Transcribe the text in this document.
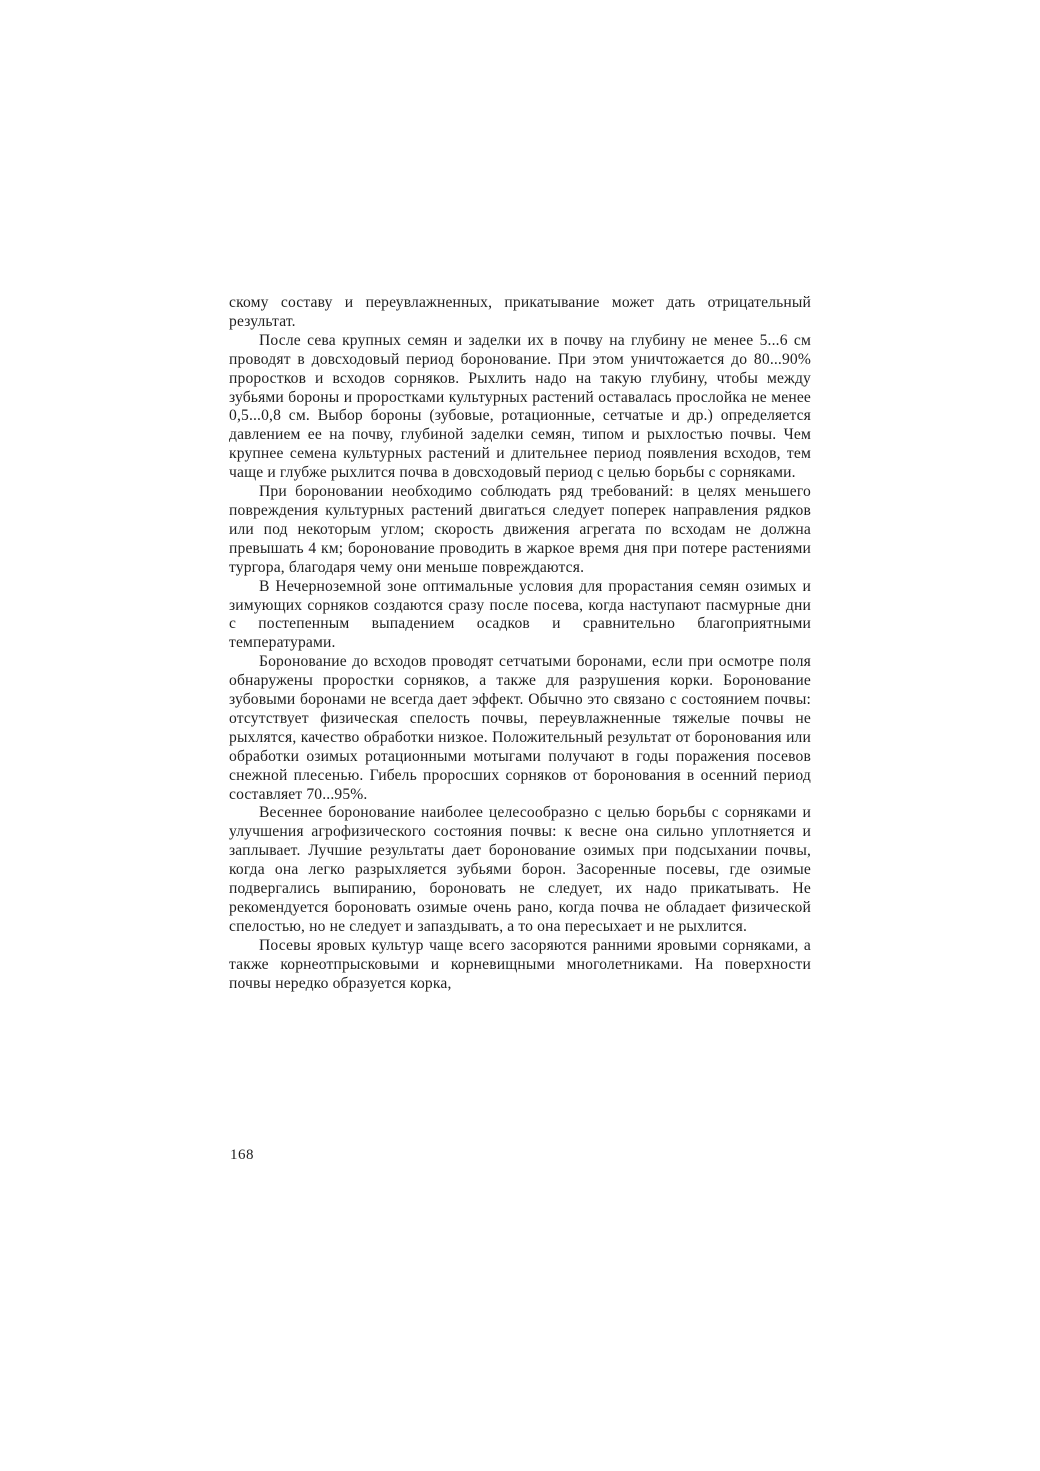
скому составу и переувлажненных, прикатывание может дать отрицательный результат.

После сева крупных семян и заделки их в почву на глубину не менее 5...6 см проводят в довсходовый период боронование. При этом уничтожается до 80...90% проростков и всходов сорняков. Рыхлить надо на такую глубину, чтобы между зубьями бороны и проростками культурных растений оставалась прослойка не менее 0,5...0,8 см. Выбор бороны (зубовые, ротационные, сетчатые и др.) определяется давлением ее на почву, глубиной заделки семян, типом и рыхлостью почвы. Чем крупнее семена культурных растений и длительнее период появления всходов, тем чаще и глубже рыхлится почва в довсходовый период с целью борьбы с сорняками.

При бороновании необходимо соблюдать ряд требований: в целях меньшего повреждения культурных растений двигаться следует поперек направления рядков или под некоторым углом; скорость движения агрегата по всходам не должна превышать 4 км; боронование проводить в жаркое время дня при потере растениями тургора, благодаря чему они меньше повреждаются.

В Нечерноземной зоне оптимальные условия для прорастания семян озимых и зимующих сорняков создаются сразу после посева, когда наступают пасмурные дни с постепенным выпадением осадков и сравнительно благоприятными температурами.

Боронование до всходов проводят сетчатыми боронами, если при осмотре поля обнаружены проростки сорняков, а также для разрушения корки. Боронование зубовыми боронами не всегда дает эффект. Обычно это связано с состоянием почвы: отсутствует физическая спелость почвы, переувлажненные тяжелые почвы не рыхлятся, качество обработки низкое. Положительный результат от боронования или обработки озимых ротационными мотыгами получают в годы поражения посевов снежной плесенью. Гибель проросших сорняков от боронования в осенний период составляет 70...95%.

Весеннее боронование наиболее целесообразно с целью борьбы с сорняками и улучшения агрофизического состояния почвы: к весне она сильно уплотняется и заплывает. Лучшие результаты дает боронование озимых при подсыхании почвы, когда она легко разрыхляется зубьями борон. Засоренные посевы, где озимые подвергались выпиранию, бороновать не следует, их надо прикатывать. Не рекомендуется бороновать озимые очень рано, когда почва не обладает физической спелостью, но не следует и запаздывать, а то она пересыхает и не рыхлится.

Посевы яровых культур чаще всего засоряются ранними яровыми сорняками, а также корнеотпрысковыми и корневищными многолетниками. На поверхности почвы нередко образуется корка,

168
